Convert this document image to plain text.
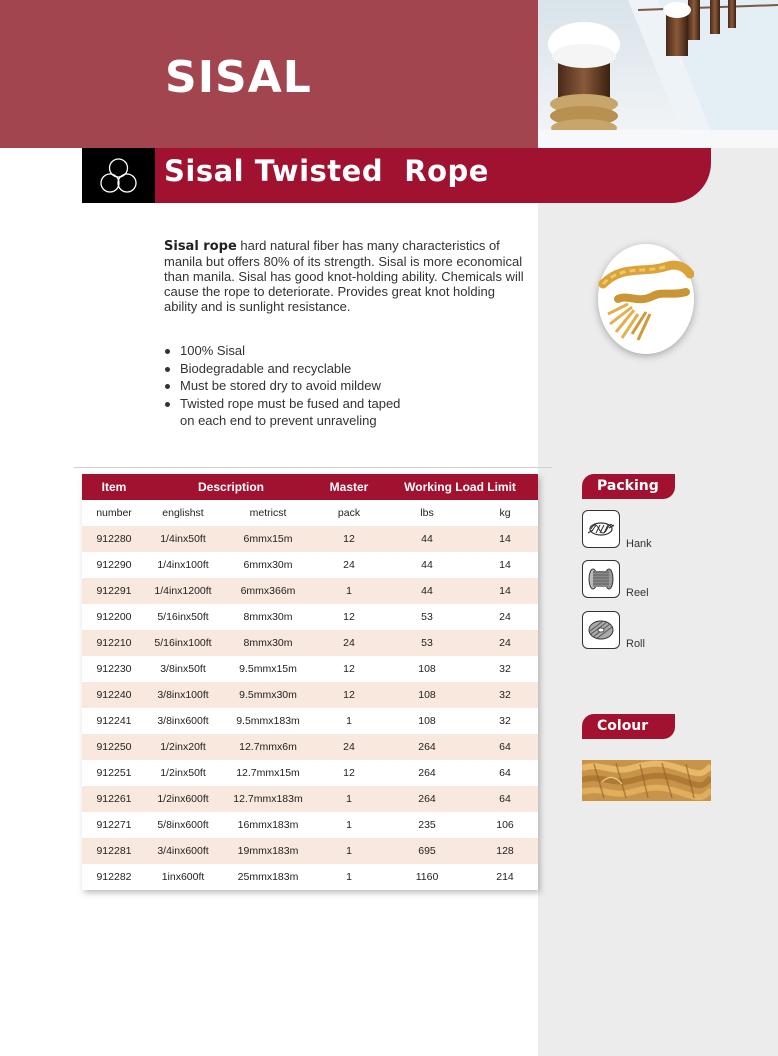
SISAL
Sisal Twisted  Rope
Sisal rope hard natural fiber has many characteristics of manila but offers 80% of its strength. Sisal is more economical than manila. Sisal has good knot-holding ability. Chemicals will cause the rope to deteriorate. Provides great knot holding ability and is sunlight resistance.
100% Sisal
Biodegradable and recyclable
Must be stored dry to avoid mildew
Twisted rope must be fused and taped
on each end to prevent unraveling
Item	Description		Master	Working Load Limit	
number	englishst	metricst	pack	lbs	kg
912280	1/4inx50ft	6mmx15m	12	44	14
912290	1/4inx100ft	6mmx30m	24	44	14
912291	1/4inx1200ft	6mmx366m	1	44	14
912200	5/16inx50ft	8mmx30m	12	53	24
912210	5/16inx100ft	8mmx30m	24	53	24
912230	3/8inx50ft	9.5mmx15m	12	108	32
912240	3/8inx100ft	9.5mmx30m	12	108	32
912241	3/8inx600ft	9.5mmx183m	1	108	32
912250	1/2inx20ft	12.7mmx6m	24	264	64
912251	1/2inx50ft	12.7mmx15m	12	264	64
912261	1/2inx600ft	12.7mmx183m	1	264	64
912271	5/8inx600ft	16mmx183m	1	235	106
912281	3/4inx600ft	19mmx183m	1	695	128
912282	1inx600ft	25mmx183m	1	1160	214
Packing
Hank
Reel
Roll
Colour
